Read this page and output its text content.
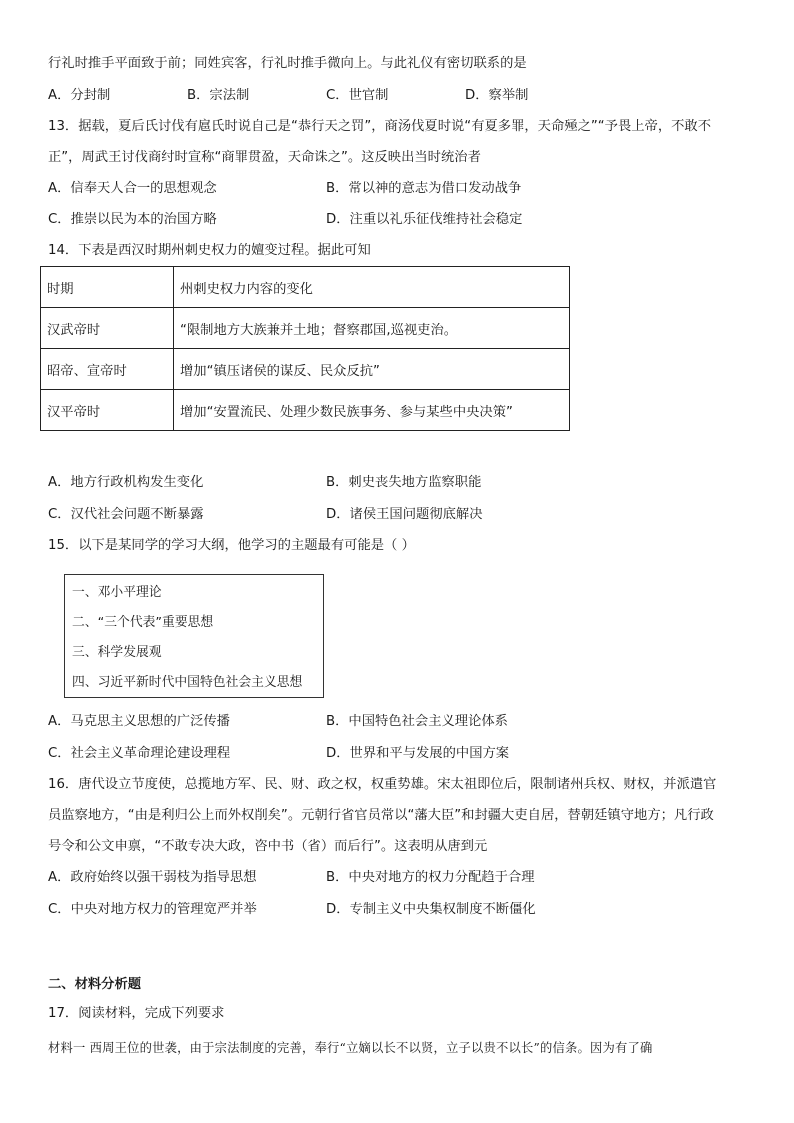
行礼时推手平面致于前；同姓宾客，行礼时推手微向上。与此礼仪有密切联系的是
A．分封制	B．宗法制	C．世官制	D．察举制
13．据载，夏后氏讨伐有扈氏时说自己是“恭行天之罚”，商汤伐夏时说“有夏多罪，天命殛之”“予畏上帝，不敢不
正”，周武王讨伐商纣时宣称“商罪贯盈，天命诛之”。这反映出当时统治者
A．信奉天人合一的思想观念	B．常以神的意志为借口发动战争
C．推崇以民为本的治国方略	D．注重以礼乐征伐维持社会稳定
14．下表是西汉时期州刺史权力的嬗变过程。据此可知
时期	州刺史权力内容的变化
汉武帝时	“限制地方大族兼并土地；督察郡国,巡视吏治。
昭帝、宣帝时	增加“镇压诸侯的谋反、民众反抗”
汉平帝时	增加“安置流民、处理少数民族事务、参与某些中央决策”
A．地方行政机构发生变化	B．刺史丧失地方监察职能
C．汉代社会问题不断暴露	D．诸侯王国问题彻底解决
15．以下是某同学的学习大纲，他学习的主题最有可能是（ ）
一、邓小平理论
二、“三个代表”重要思想
三、科学发展观
四、习近平新时代中国特色社会主义思想
A．马克思主义思想的广泛传播	B．中国特色社会主义理论体系
C．社会主义革命理论建设理程	D．世界和平与发展的中国方案
16．唐代设立节度使，总揽地方军、民、财、政之权，权重势雄。宋太祖即位后，限制诸州兵权、财权，并派遣官
员监察地方，“由是利归公上而外权削矣”。元朝行省官员常以“藩大臣”和封疆大吏自居，替朝廷镇守地方；凡行政
号令和公文申禀，“不敢专决大政，咨中书（省）而后行”。这表明从唐到元
A．政府始终以强干弱枝为指导思想	B．中央对地方的权力分配趋于合理
C．中央对地方权力的管理宽严并举	D．专制主义中央集权制度不断僵化
二、材料分析题
17．阅读材料，完成下列要求
材料一 西周王位的世袭，由于宗法制度的完善，奉行“立嫡以长不以贤，立子以贵不以长”的信条。因为有了确
